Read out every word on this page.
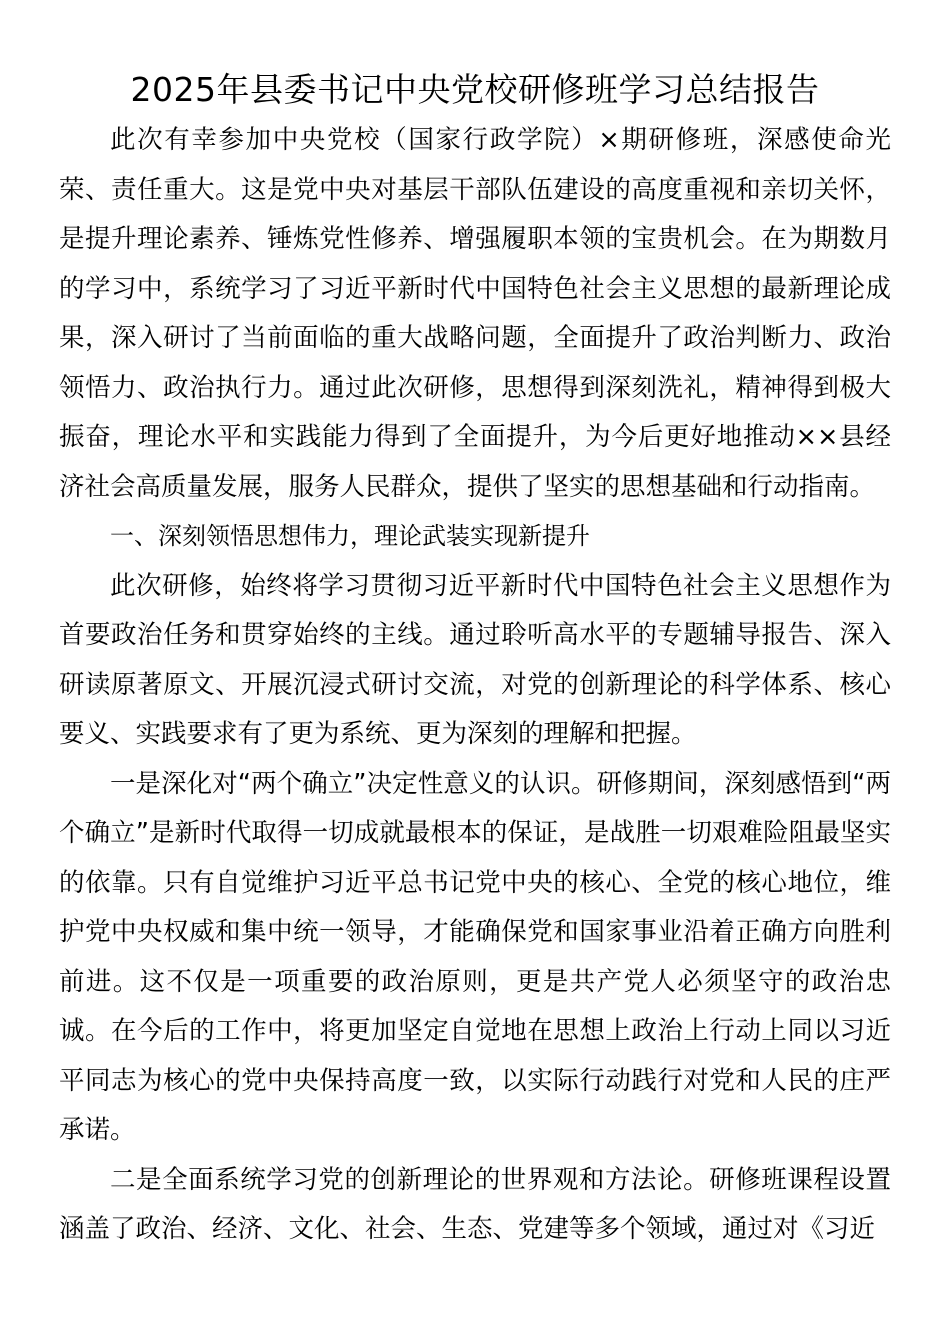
2025年县委书记中央党校研修班学习总结报告

此次有幸参加中央党校（国家行政学院）×期研修班，深感使命光荣、责任重大。这是党中央对基层干部队伍建设的高度重视和亲切关怀，是提升理论素养、锤炼党性修养、增强履职本领的宝贵机会。在为期数月的学习中，系统学习了习近平新时代中国特色社会主义思想的最新理论成果，深入研讨了当前面临的重大战略问题，全面提升了政治判断力、政治领悟力、政治执行力。通过此次研修，思想得到深刻洗礼，精神得到极大振奋，理论水平和实践能力得到了全面提升，为今后更好地推动××县经济社会高质量发展，服务人民群众，提供了坚实的思想基础和行动指南。

一、深刻领悟思想伟力，理论武装实现新提升

此次研修，始终将学习贯彻习近平新时代中国特色社会主义思想作为首要政治任务和贯穿始终的主线。通过聆听高水平的专题辅导报告、深入研读原著原文、开展沉浸式研讨交流，对党的创新理论的科学体系、核心要义、实践要求有了更为系统、更为深刻的理解和把握。

一是深化对“两个确立”决定性意义的认识。研修期间，深刻感悟到“两个确立”是新时代取得一切成就最根本的保证，是战胜一切艰难险阻最坚实的依靠。只有自觉维护习近平总书记党中央的核心、全党的核心地位，维护党中央权威和集中统一领导，才能确保党和国家事业沿着正确方向胜利前进。这不仅是一项重要的政治原则，更是共产党人必须坚守的政治忠诚。在今后的工作中，将更加坚定自觉地在思想上政治上行动上同以习近平同志为核心的党中央保持高度一致，以实际行动践行对党和人民的庄严承诺。

二是全面系统学习党的创新理论的世界观和方法论。研修班课程设置涵盖了政治、经济、文化、社会、生态、党建等多个领域，通过对《习近
